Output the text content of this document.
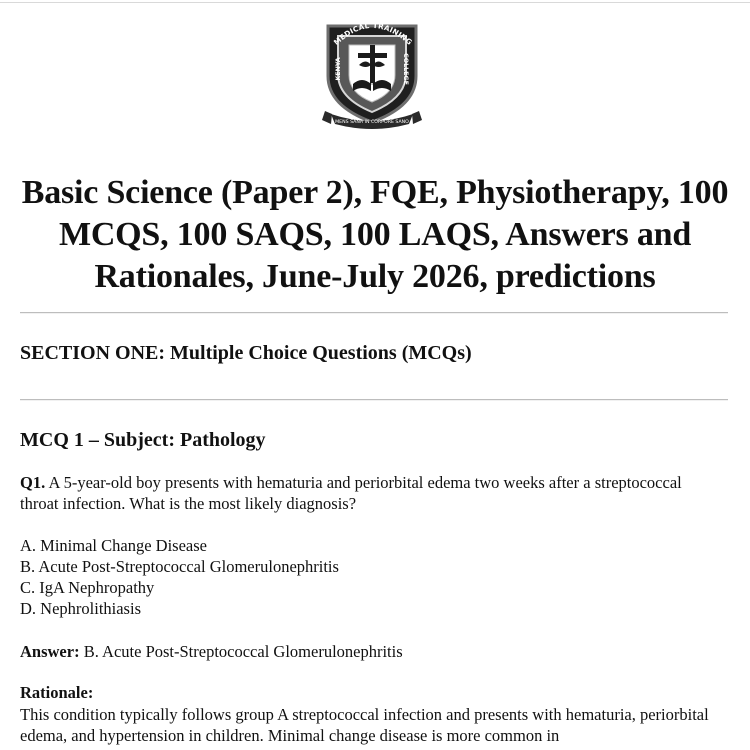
MEDICAL TRAINING
KENYA
COLLEGE
MENS SANA IN CORPORE SANO
Basic Science (Paper 2), FQE, Physiotherapy, 100 MCQS, 100 SAQS, 100 LAQS, Answers and Rationales, June-July 2026, predictions
SECTION ONE: Multiple Choice Questions (MCQs)
MCQ 1 – Subject: Pathology

Q1. A 5-year-old boy presents with hematuria and periorbital edema two weeks after a streptococcal throat infection. What is the most likely diagnosis?

A. Minimal Change Disease
B. Acute Post-Streptococcal Glomerulonephritis
C. IgA Nephropathy
D. Nephrolithiasis

Answer: B. Acute Post-Streptococcal Glomerulonephritis

Rationale:

This condition typically follows group A streptococcal infection and presents with hematuria, periorbital edema, and hypertension in children. Minimal change disease is more common in
